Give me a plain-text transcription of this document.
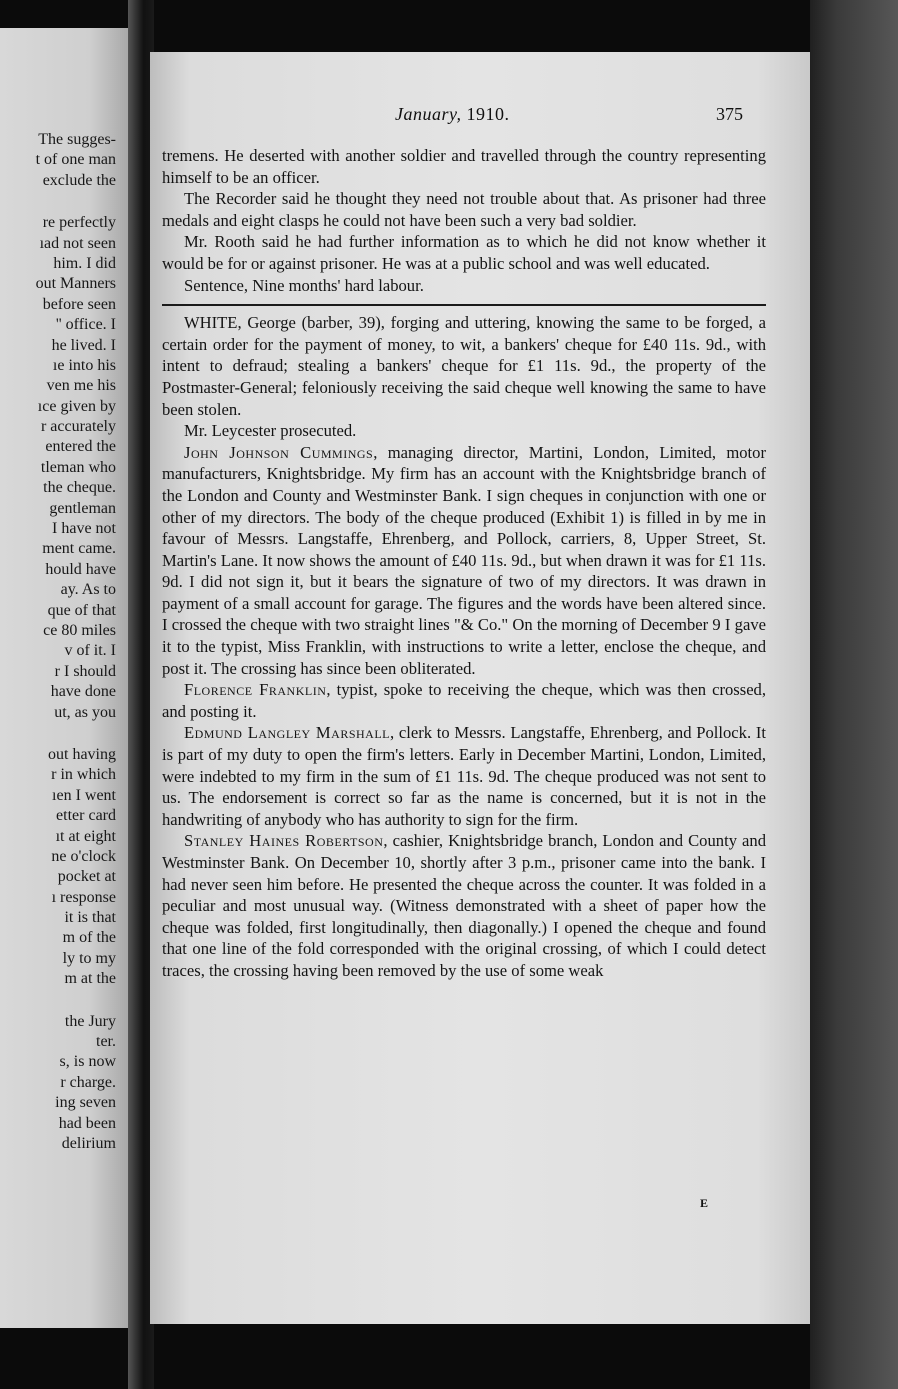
The sugges-
t of one man
exclude the
re perfectly
ıad not seen
him. I did
out Manners
before seen
'' office. I
he lived. I
ıe into his
ven me his
ıce given by
r accurately
entered the
tleman who
the cheque.
gentleman
I have not
ment came.
hould have
ay. As to
que of that
ce 80 miles
v of it. I
r I should
have done
ut, as you
out having
r in which
ıen I went
etter card
ıt at eight
ne o'clock
pocket at
ı response
it is that
m of the
ly to my
m at the
the Jury
ter.
s, is now
r charge.
ing seven
had been
delirium
January, 1910.	375

tremens. He deserted with another soldier and travelled through the country representing himself to be an officer.

The Recorder said he thought they need not trouble about that. As prisoner had three medals and eight clasps he could not have been such a very bad soldier.

Mr. Rooth said he had further information as to which he did not know whether it would be for or against prisoner. He was at a public school and was well educated.

Sentence, Nine months' hard labour.

WHITE, George (barber, 39), forging and uttering, knowing the same to be forged, a certain order for the payment of money, to wit, a bankers' cheque for £40 11s. 9d., with intent to defraud; stealing a bankers' cheque for £1 11s. 9d., the property of the Postmaster-General; feloniously receiving the said cheque well knowing the same to have been stolen.

Mr. Leycester prosecuted.

John Johnson Cummings, managing director, Martini, London, Limited, motor manufacturers, Knightsbridge. My firm has an account with the Knightsbridge branch of the London and County and Westminster Bank. I sign cheques in conjunction with one or other of my directors. The body of the cheque produced (Exhibit 1) is filled in by me in favour of Messrs. Langstaffe, Ehrenberg, and Pollock, carriers, 8, Upper Street, St. Martin's Lane. It now shows the amount of £40 11s. 9d., but when drawn it was for £1 11s. 9d. I did not sign it, but it bears the signature of two of my directors. It was drawn in payment of a small account for garage. The figures and the words have been altered since. I crossed the cheque with two straight lines "& Co." On the morning of December 9 I gave it to the typist, Miss Franklin, with instructions to write a letter, enclose the cheque, and post it. The crossing has since been obliterated.

Florence Franklin, typist, spoke to receiving the cheque, which was then crossed, and posting it.

Edmund Langley Marshall, clerk to Messrs. Langstaffe, Ehrenberg, and Pollock. It is part of my duty to open the firm's letters. Early in December Martini, London, Limited, were indebted to my firm in the sum of £1 11s. 9d. The cheque produced was not sent to us. The endorsement is correct so far as the name is concerned, but it is not in the handwriting of anybody who has authority to sign for the firm.

Stanley Haines Robertson, cashier, Knightsbridge branch, London and County and Westminster Bank. On December 10, shortly after 3 p.m., prisoner came into the bank. I had never seen him before. He presented the cheque across the counter. It was folded in a peculiar and most unusual way. (Witness demonstrated with a sheet of paper how the cheque was folded, first longitudinally, then diagonally.) I opened the cheque and found that one line of the fold corresponded with the original crossing, of which I could detect traces, the crossing having been removed by the use of some weak

E
